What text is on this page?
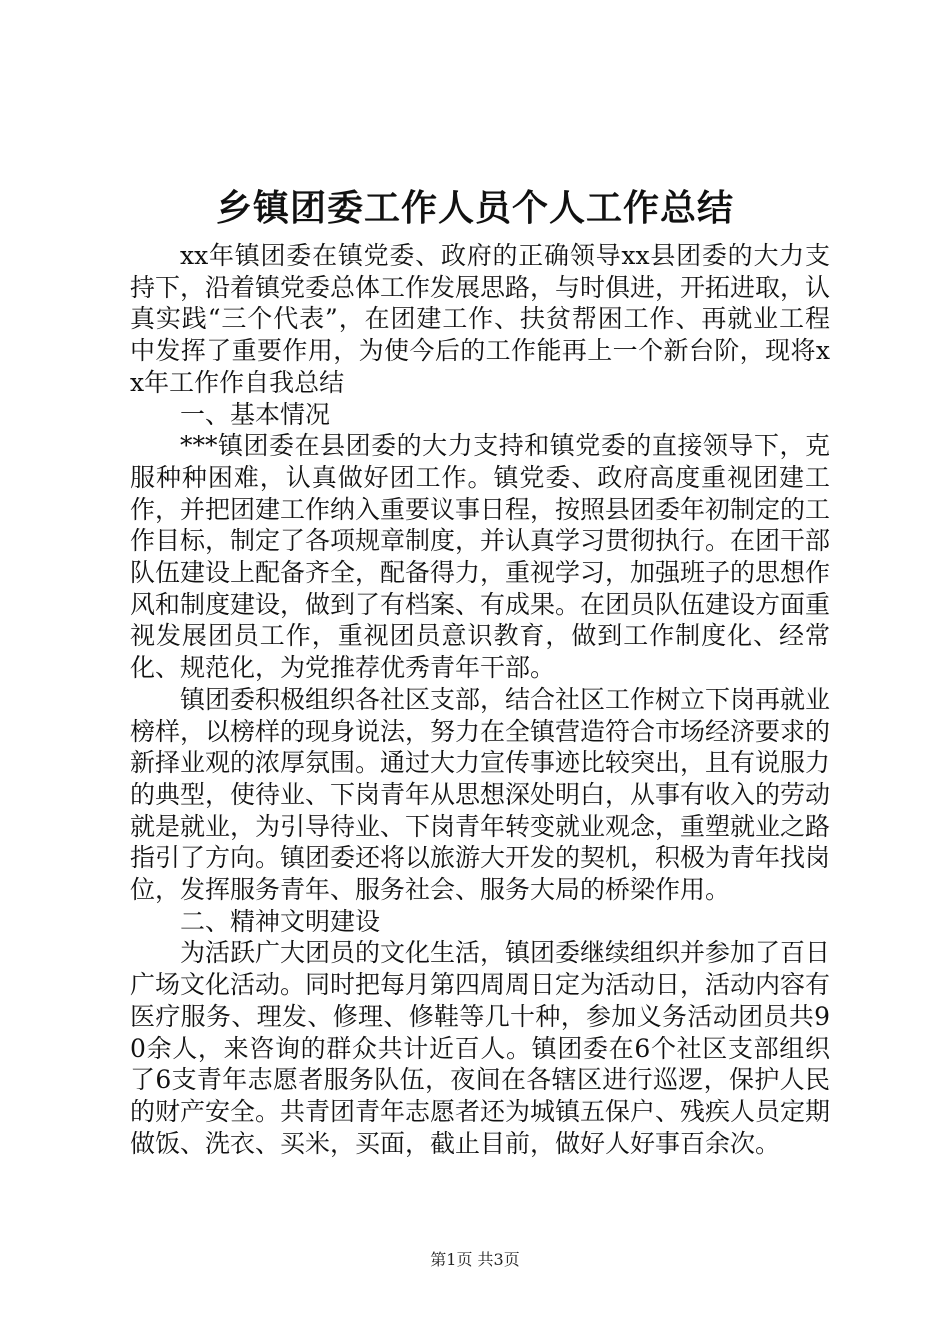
乡镇团委工作人员个人工作总结

xx年镇团委在镇党委、政府的正确领导xx县团委的大力支持下，沿着镇党委总体工作发展思路，与时俱进，开拓进取，认真实践“三个代表”，在团建工作、扶贫帮困工作、再就业工程中发挥了重要作用，为使今后的工作能再上一个新台阶，现将xx年工作作自我总结

一、基本情况

***镇团委在县团委的大力支持和镇党委的直接领导下，克服种种困难，认真做好团工作。镇党委、政府高度重视团建工作，并把团建工作纳入重要议事日程，按照县团委年初制定的工作目标，制定了各项规章制度，并认真学习贯彻执行。在团干部队伍建设上配备齐全，配备得力，重视学习，加强班子的思想作风和制度建设，做到了有档案、有成果。在团员队伍建设方面重视发展团员工作，重视团员意识教育，做到工作制度化、经常化、规范化，为党推荐优秀青年干部。

镇团委积极组织各社区支部，结合社区工作树立下岗再就业榜样，以榜样的现身说法，努力在全镇营造符合市场经济要求的新择业观的浓厚氛围。通过大力宣传事迹比较突出，且有说服力的典型，使待业、下岗青年从思想深处明白，从事有收入的劳动就是就业，为引导待业、下岗青年转变就业观念，重塑就业之路指引了方向。镇团委还将以旅游大开发的契机，积极为青年找岗位，发挥服务青年、服务社会、服务大局的桥梁作用。

二、精神文明建设

为活跃广大团员的文化生活，镇团委继续组织并参加了百日广场文化活动。同时把每月第四周周日定为活动日，活动内容有医疗服务、理发、修理、修鞋等几十种，参加义务活动团员共90余人，来咨询的群众共计近百人。镇团委在6个社区支部组织了6支青年志愿者服务队伍，夜间在各辖区进行巡逻，保护人民的财产安全。共青团青年志愿者还为城镇五保户、残疾人员定期做饭、洗衣、买米，买面，截止目前，做好人好事百余次。

第1页 共3页
